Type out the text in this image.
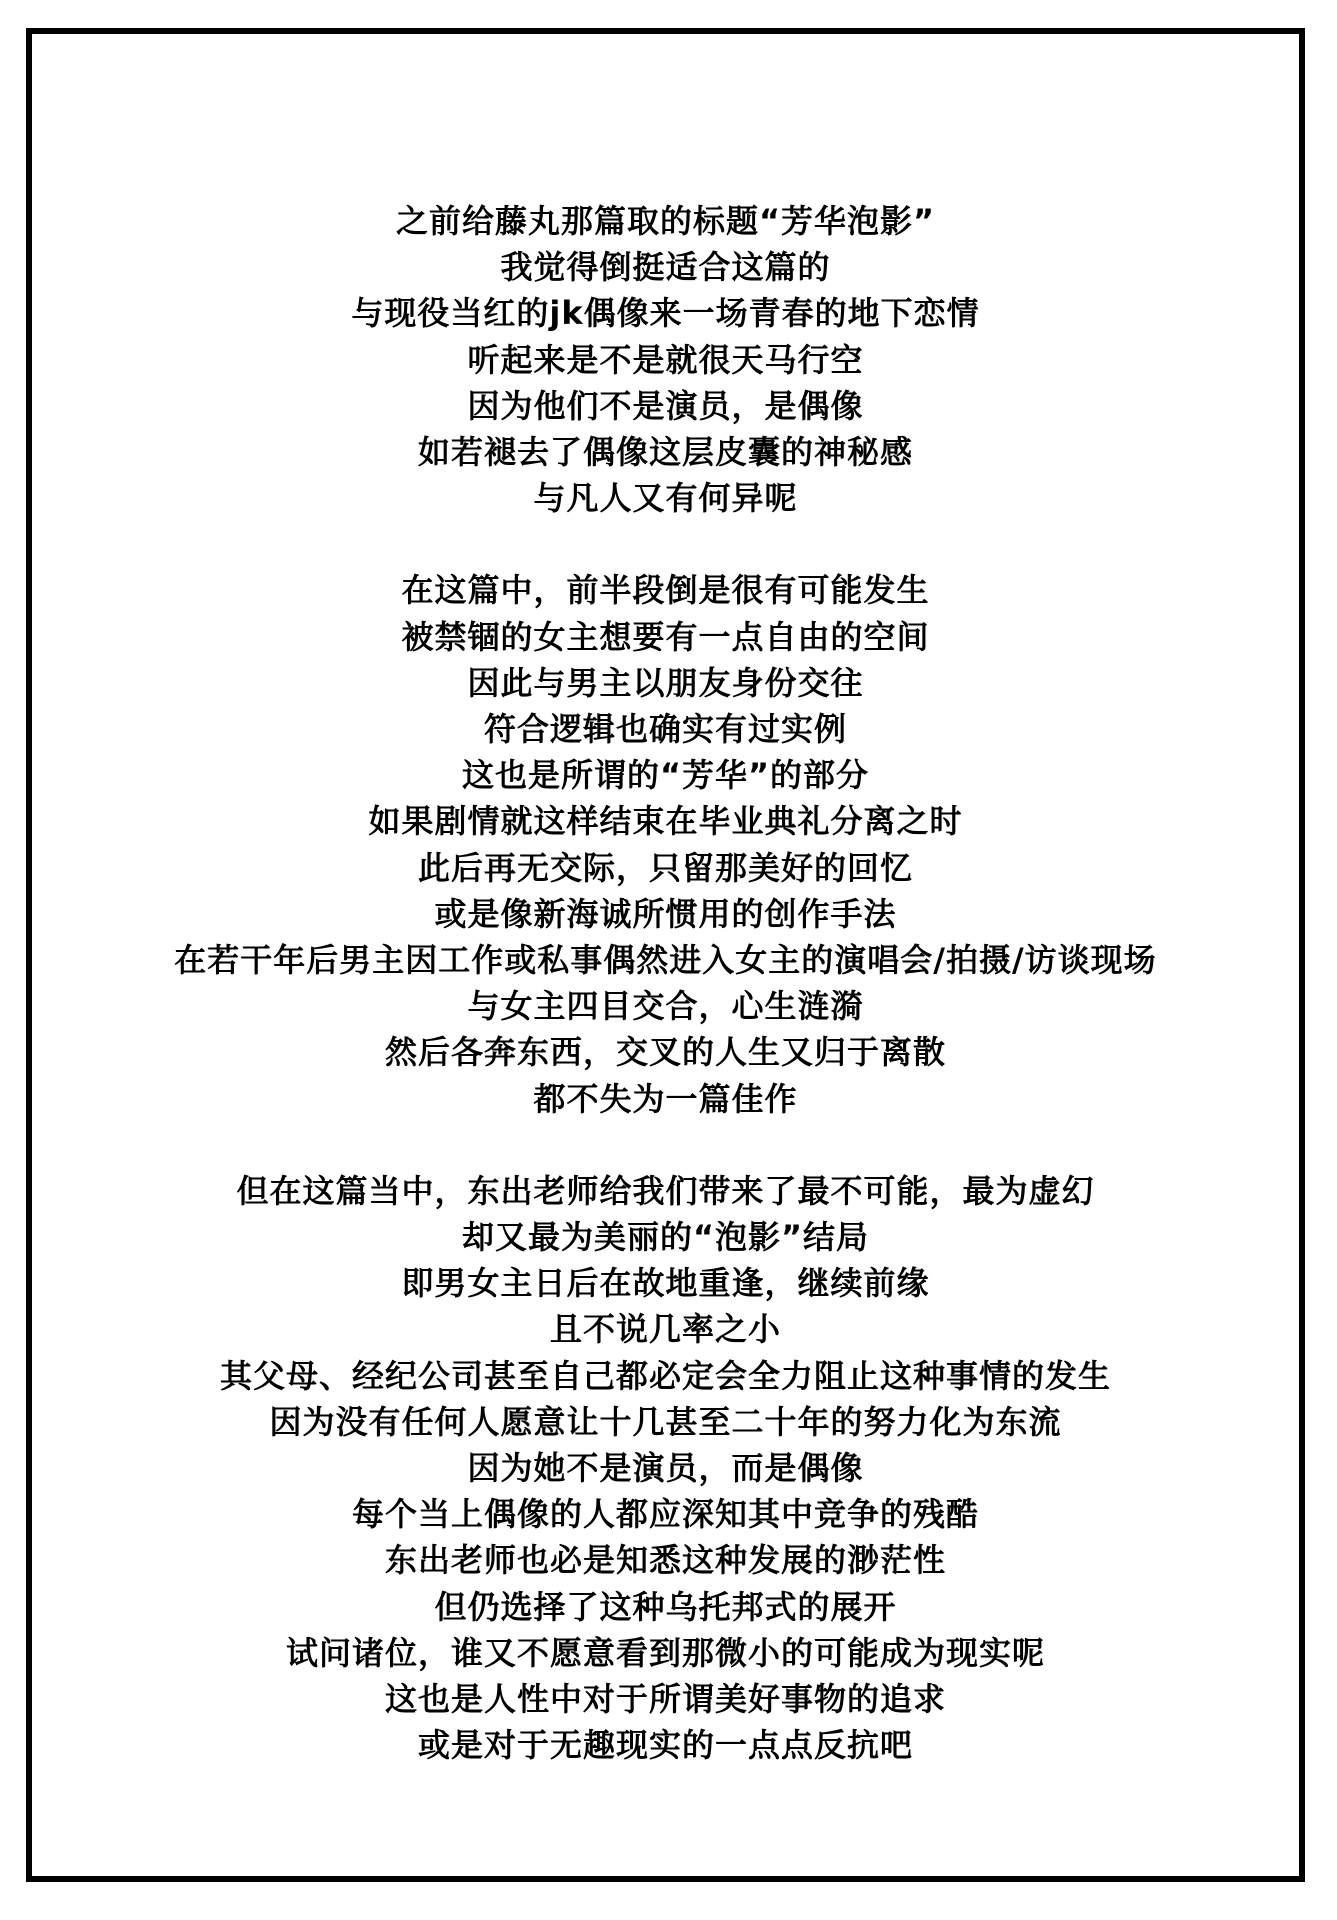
之前给藤丸那篇取的标题“芳华泡影”
我觉得倒挺适合这篇的
与现役当红的jk偶像来一场青春的地下恋情
听起来是不是就很天马行空
因为他们不是演员，是偶像
如若褪去了偶像这层皮囊的神秘感
与凡人又有何异呢
在这篇中，前半段倒是很有可能发生
被禁锢的女主想要有一点自由的空间
因此与男主以朋友身份交往
符合逻辑也确实有过实例
这也是所谓的“芳华”的部分
如果剧情就这样结束在毕业典礼分离之时
此后再无交际，只留那美好的回忆
或是像新海诚所惯用的创作手法
在若干年后男主因工作或私事偶然进入女主的演唱会/拍摄/访谈现场
与女主四目交合，心生涟漪
然后各奔东西，交叉的人生又归于离散
都不失为一篇佳作
但在这篇当中，东出老师给我们带来了最不可能，最为虚幻
却又最为美丽的“泡影”结局
即男女主日后在故地重逢，继续前缘
且不说几率之小
其父母、经纪公司甚至自己都必定会全力阻止这种事情的发生
因为没有任何人愿意让十几甚至二十年的努力化为东流
因为她不是演员，而是偶像
每个当上偶像的人都应深知其中竞争的残酷
东出老师也必是知悉这种发展的渺茫性
但仍选择了这种乌托邦式的展开
试问诸位，谁又不愿意看到那微小的可能成为现实呢
这也是人性中对于所谓美好事物的追求
或是对于无趣现实的一点点反抗吧
